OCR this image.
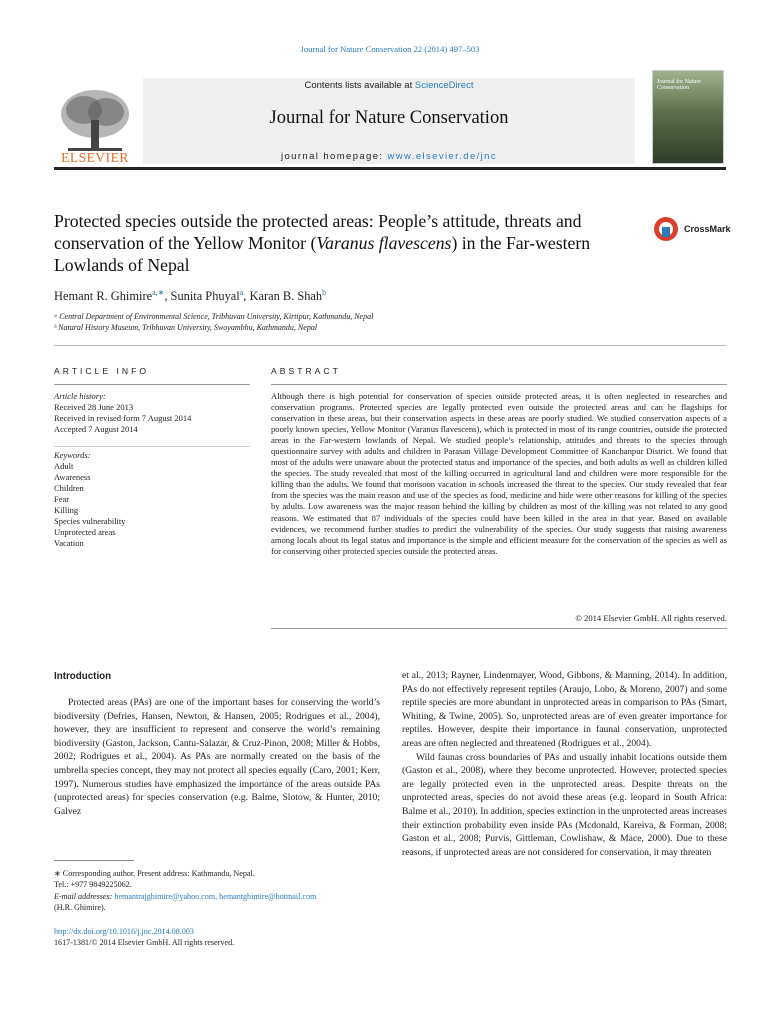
Journal for Nature Conservation 22 (2014) 497–503
Contents lists available at ScienceDirect
Journal for Nature Conservation
journal homepage: www.elsevier.de/jnc
ELSEVIER
Journal for Nature Conservation
Protected species outside the protected areas: People’s attitude, threats and conservation of the Yellow Monitor (Varanus flavescens) in the Far-western Lowlands of Nepal
CrossMark
Hemant R. Ghimire$^{a,∗}$, Sunita Phuyal$^a$, Karan B. Shah$^b$
ᵃ Central Department of Environmental Science, Tribhuvan University, Kirtipur, Kathmandu, Nepal
ᵇ Natural History Museum, Tribhuvan University, Swoyambhu, Kathmandu, Nepal
ARTICLE INFO	ABSTRACT
Article history:
Received 28 June 2013
Received in revised form 7 August 2014
Accepted 7 August 2014
Keywords:
Adult
Awareness
Children
Fear
Killing
Species vulnerability
Unprotected areas
Vacation
Although there is high potential for conservation of species outside protected areas, it is often neglected in researches and conservation programs. Protected species are legally protected even outside the protected areas and can be flagships for conservation in these areas, but their conservation aspects in these areas are poorly studied. We studied conservation aspects of a poorly known species, Yellow Monitor (Varanus flavescens), which is protected in most of its range countries, outside the protected areas in the Far-western lowlands of Nepal. We studied people’s relationship, attitudes and threats to the species through questionnaire survey with adults and children in Parasan Village Development Committee of Kanchanpur District. We found that most of the adults were unaware about the protected status and importance of the species, and both adults as well as children killed the species. The study revealed that most of the killing occurred in agricultural land and children were more responsible for the killing than the adults. We found that monsoon vacation in schools increased the threat to the species. Our study revealed that fear from the species was the main reason and use of the species as food, medicine and hide were other reasons for killing of the species by adults. Low awareness was the major reason behind the killing by children as most of the killing was not related to any good reasons. We estimated that 87 individuals of the species could have been killed in the area in that year. Based on available evidences, we recommend further studies to predict the vulnerability of the species. Our study suggests that raising awareness among locals about its legal status and importance is the simple and efficient measure for the conservation of the species as well as for conserving other protected species outside the protected areas.
© 2014 Elsevier GmbH. All rights reserved.
Introduction

Protected areas (PAs) are one of the important bases for conserving the world’s biodiversity (Defries, Hansen, Newton, & Hansen, 2005; Rodrigues et al., 2004), however, they are insufficient to represent and conserve the world’s remaining biodiversity (Gaston, Jackson, Cantu-Salazar, & Cruz-Pinon, 2008; Miller & Hobbs, 2002; Rodrigues et al., 2004). As PAs are normally created on the basis of the umbrella species concept, they may not protect all species equally (Caro, 2001; Kerr, 1997). Numerous studies have emphasized the importance of the areas outside PAs (unprotected areas) for species conservation (e.g. Balme, Slotow, & Hunter, 2010; Galvez

et al., 2013; Rayner, Lindenmayer, Wood, Gibbons, & Manning, 2014). In addition, PAs do not effectively represent reptiles (Araujo, Lobo, & Moreno, 2007) and some reptile species are more abundant in unprotected areas in comparison to PAs (Smart, Whiting, & Twine, 2005). So, unprotected areas are of even greater importance for reptiles. However, despite their importance in faunal conservation, unprotected areas are often neglected and threatened (Rodrigues et al., 2004).

Wild faunas cross boundaries of PAs and usually inhabit locations outside them (Gaston et al., 2008), where they become unprotected. However, protected species are legally protected even in the unprotected areas. Despite threats on the unprotected areas, species do not avoid these areas (e.g. leopard in South Africa: Balme et al., 2010). In addition, species extinction in the unprotected areas increases their extinction probability even inside PAs (Mcdonald, Kareiva, & Forman, 2008; Gaston et al., 2008; Purvis, Gittleman, Cowlishaw, & Mace, 2000). Due to these reasons, if unprotected areas are not considered for conservation, it may threaten

∗ Corresponding author. Present address: Kathmandu, Nepal.
Tel.: +977 9849225062.
E-mail addresses: hemantrajghimire@yahoo.com, hemantghimire@hotmail.com
(H.R. Ghimire).
http://dx.doi.org/10.1016/j.jnc.2014.08.003
1617-1381/© 2014 Elsevier GmbH. All rights reserved.
